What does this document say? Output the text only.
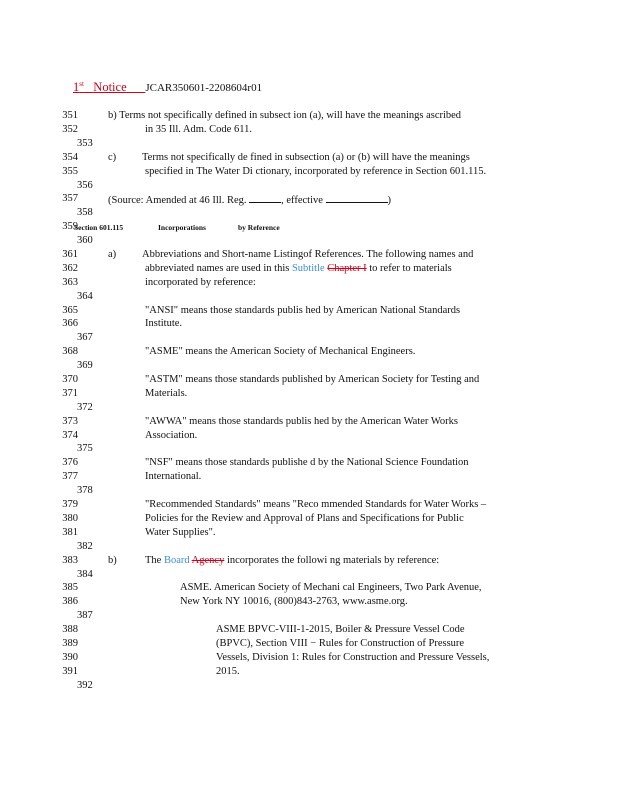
1st Notice JCAR350601-2208604r01
351
352
353
354
355
356
357
358
359
360
361
362
363
364
365
366
367
368
369
370
371
372
373
374
375
376
377
378
379
380
381
382
383
384
385
386
387
388
389
390
391
392
b) Terms not specifically defined in subsect ion (a), will have the meanings ascribed
in 35 Ill. Adm. Code 611.
c) Terms not specifically de fined in subsection (a) or (b) will have the meanings
specified in The Water Di ctionary, incorporated by reference in Section 601.115.
(Source: Amended at 46 Ill. Reg.	, effective	)
Section 601.115	Incorporations	by Reference
a) Abbreviations and Short-name Listingof References. The following names and
abbreviated names are used in this Subtitle Chapter I to refer to materials
incorporated by reference:
"ANSI" means those standards publis hed by American National Standards
Institute.
"ASME" means the American Society of Mechanical Engineers.
"ASTM" means those standards published by American Society for Testing and
Materials.
"AWWA" means those standards publis hed by the American Water Works
Association.
"NSF" means those standards publishe d by the National Science Foundation
International.
"Recommended Standards" means "Reco mmended Standards for Water Works –
Policies for the Review and Approval of Plans and Specifications for Public
Water Supplies".
b)	The Board Agency incorporates the followi ng materials by reference:
ASME. American Society of Mechani cal Engineers, Two Park Avenue,
New York NY 10016, (800)843-2763, www.asme.org.
ASME BPVC-VIII-1-2015, Boiler & Pressure Vessel Code
(BPVC), Section VIII − Rules for Construction of Pressure
Vessels, Division 1: Rules for Construction and Pressure Vessels,
2015.
